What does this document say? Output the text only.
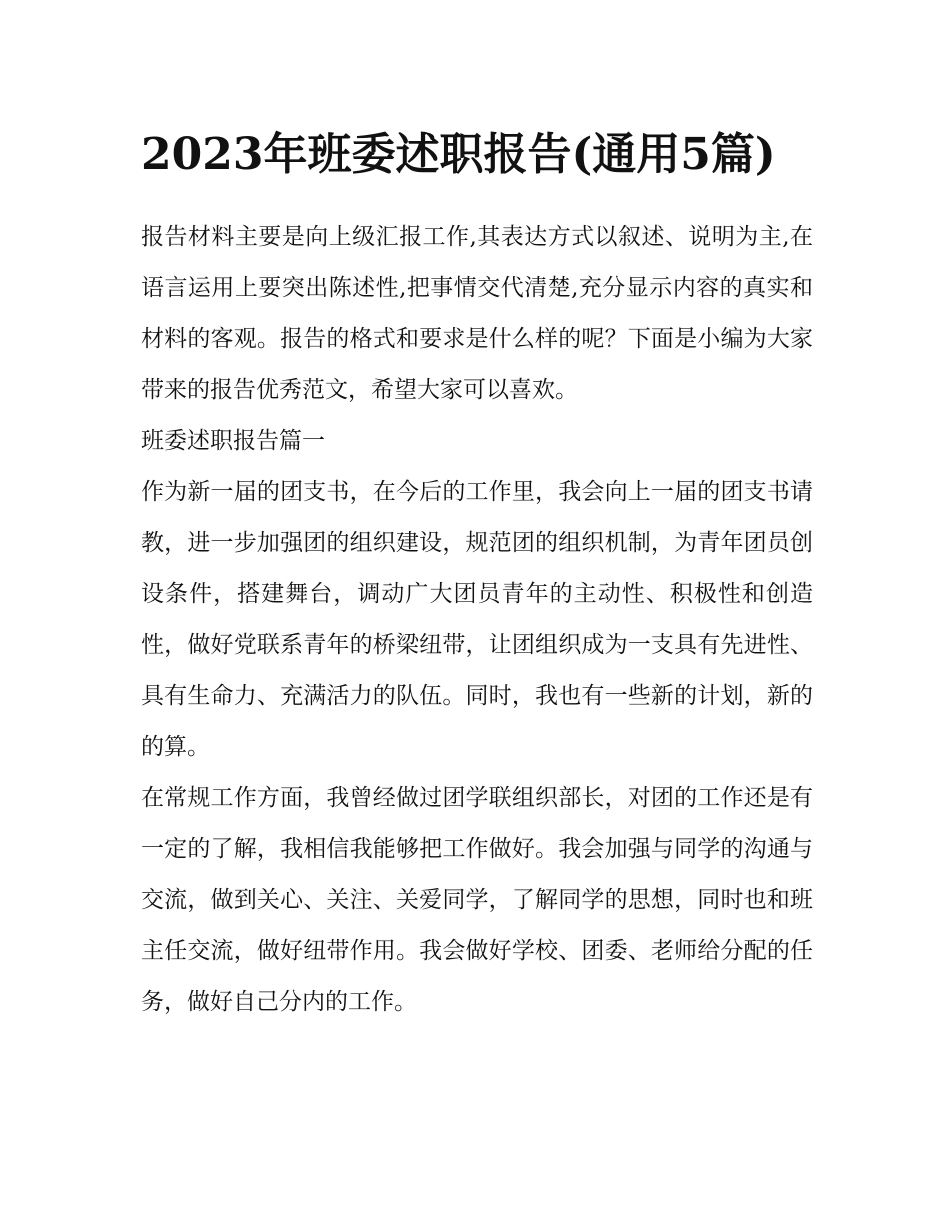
2023年班委述职报告(通用5篇)

报告材料主要是向上级汇报工作,其表达方式以叙述、说明为主,在语言运用上要突出陈述性,把事情交代清楚,充分显示内容的真实和材料的客观。报告的格式和要求是什么样的呢？下面是小编为大家带来的报告优秀范文，希望大家可以喜欢。

班委述职报告篇一

作为新一届的团支书，在今后的工作里，我会向上一届的团支书请教，进一步加强团的组织建设，规范团的组织机制，为青年团员创设条件，搭建舞台，调动广大团员青年的主动性、积极性和创造性，做好党联系青年的桥梁纽带，让团组织成为一支具有先进性、具有生命力、充满活力的队伍。同时，我也有一些新的计划，新的的算。

在常规工作方面，我曾经做过团学联组织部长，对团的工作还是有一定的了解，我相信我能够把工作做好。我会加强与同学的沟通与交流，做到关心、关注、关爱同学，了解同学的思想，同时也和班主任交流，做好纽带作用。我会做好学校、团委、老师给分配的任务，做好自己分内的工作。
